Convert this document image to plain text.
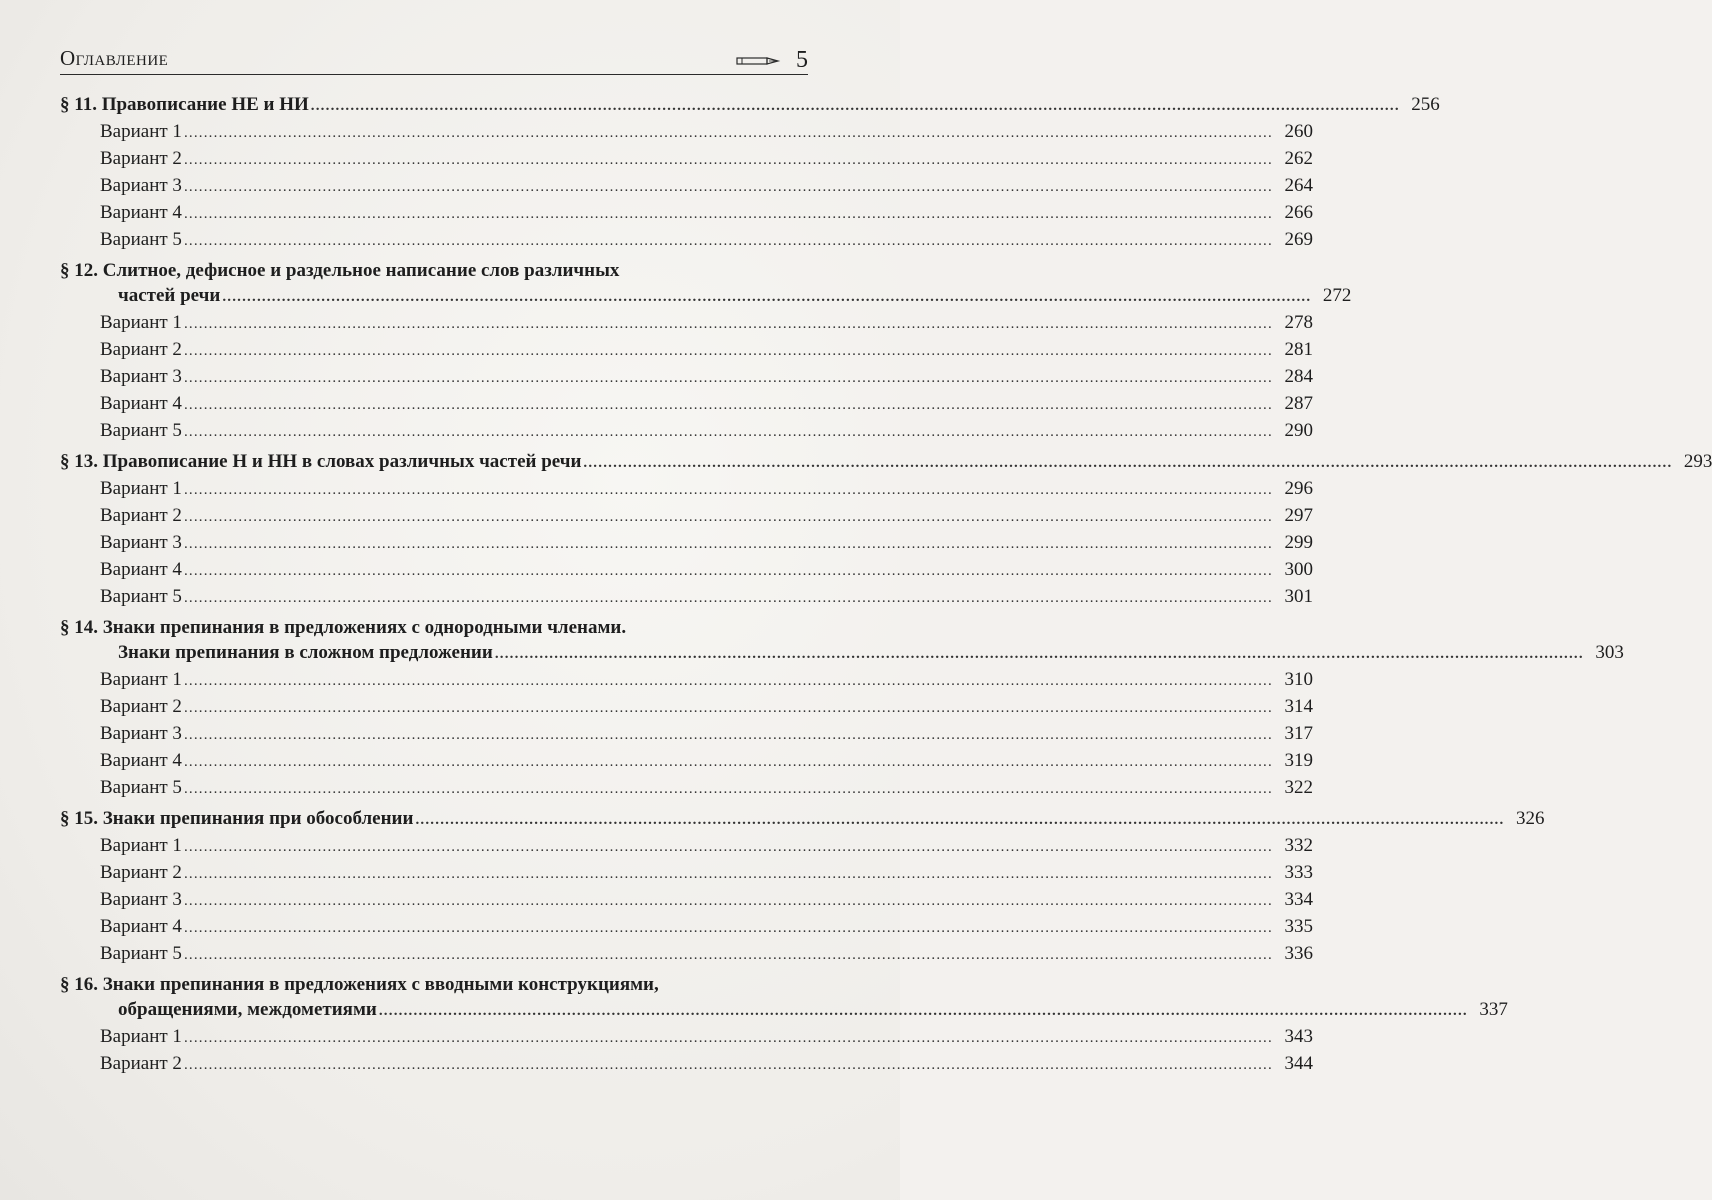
Оглавление	5
§ 11. Правописание НЕ и НИ ............................................................................................................................................................................................................................ 256
Вариант 1 ............................................................................................................................................................................................................................ 260
Вариант 2 ............................................................................................................................................................................................................................ 262
Вариант 3 ............................................................................................................................................................................................................................ 264
Вариант 4 ............................................................................................................................................................................................................................ 266
Вариант 5 ............................................................................................................................................................................................................................ 269
§ 12. Слитное, дефисное и раздельное написание слов различных
частей речи ............................................................................................................................................................................................................................ 272
Вариант 1 ............................................................................................................................................................................................................................ 278
Вариант 2 ............................................................................................................................................................................................................................ 281
Вариант 3 ............................................................................................................................................................................................................................ 284
Вариант 4 ............................................................................................................................................................................................................................ 287
Вариант 5 ............................................................................................................................................................................................................................ 290
§ 13. Правописание Н и НН в словах различных частей речи ............................................................................................................................................................................................................................ 293
Вариант 1 ............................................................................................................................................................................................................................ 296
Вариант 2 ............................................................................................................................................................................................................................ 297
Вариант 3 ............................................................................................................................................................................................................................ 299
Вариант 4 ............................................................................................................................................................................................................................ 300
Вариант 5 ............................................................................................................................................................................................................................ 301
§ 14. Знаки препинания в предложениях с однородными членами.
Знаки препинания в сложном предложении ............................................................................................................................................................................................................................ 303
Вариант 1 ............................................................................................................................................................................................................................ 310
Вариант 2 ............................................................................................................................................................................................................................ 314
Вариант 3 ............................................................................................................................................................................................................................ 317
Вариант 4 ............................................................................................................................................................................................................................ 319
Вариант 5 ............................................................................................................................................................................................................................ 322
§ 15. Знаки препинания при обособлении ............................................................................................................................................................................................................................ 326
Вариант 1 ............................................................................................................................................................................................................................ 332
Вариант 2 ............................................................................................................................................................................................................................ 333
Вариант 3 ............................................................................................................................................................................................................................ 334
Вариант 4 ............................................................................................................................................................................................................................ 335
Вариант 5 ............................................................................................................................................................................................................................ 336
§ 16. Знаки препинания в предложениях с вводными конструкциями,
обращениями, междометиями ............................................................................................................................................................................................................................ 337
Вариант 1 ............................................................................................................................................................................................................................ 343
Вариант 2 ............................................................................................................................................................................................................................ 344
